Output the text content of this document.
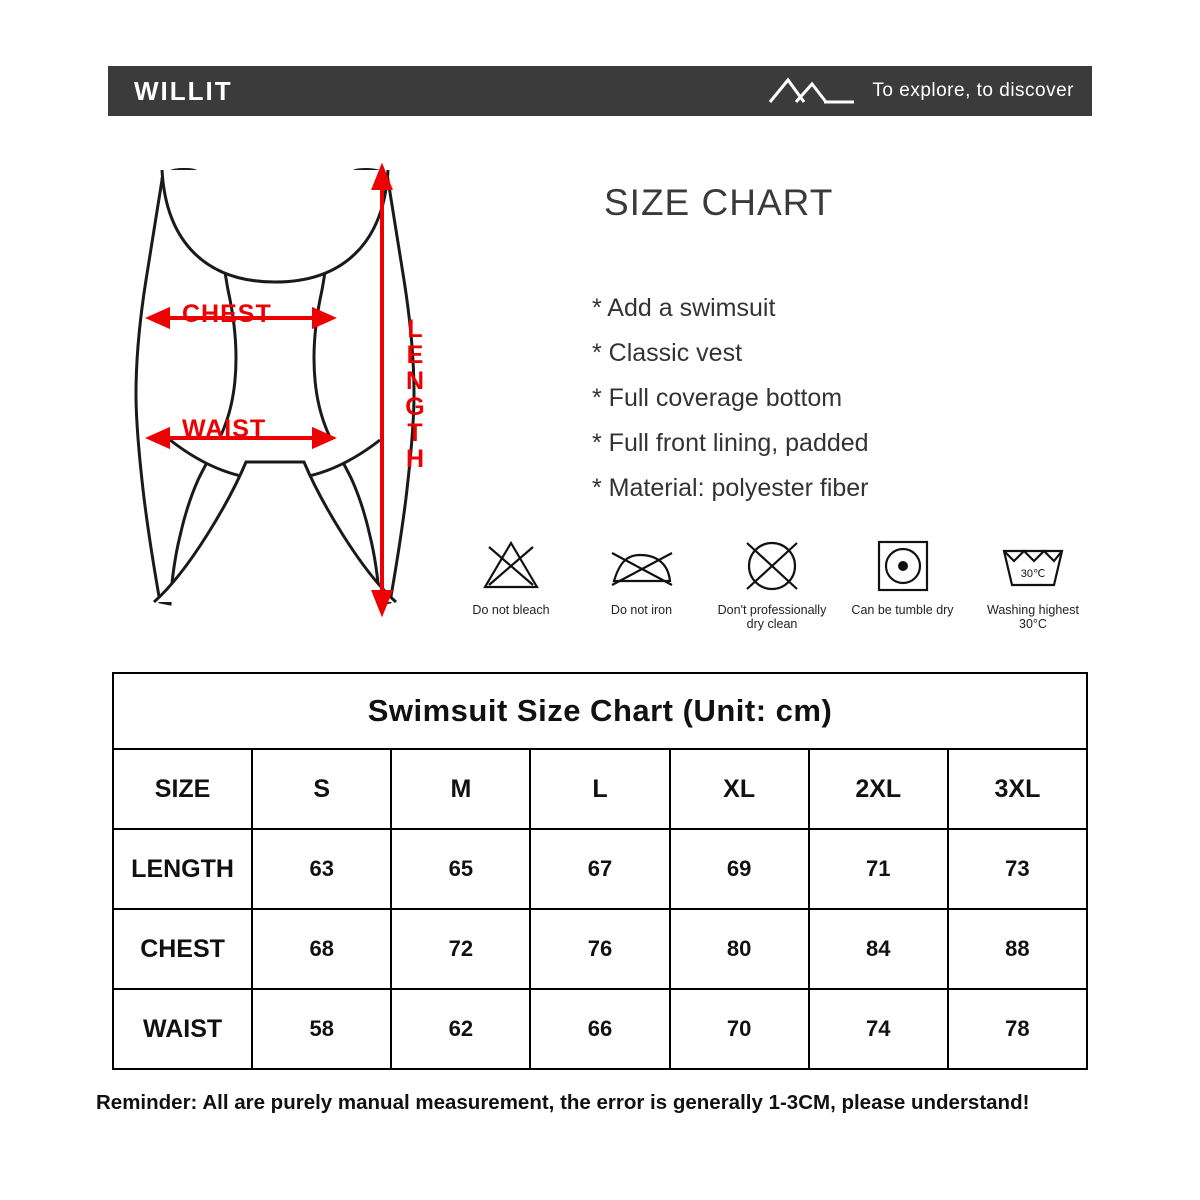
WILLIT	To explore, to discover
CHEST
WAIST	LENGTH
SIZE CHART
* Add a swimsuit
* Classic vest
* Full coverage bottom
* Full front lining, padded
* Material: polyester fiber
Do not bleach	Do not iron	Don't professionally dry clean
Can be tumble dry
30℃
Washing highest 30°C
Swimsuit Size Chart (Unit: cm)						
SIZE	S	M	L	XL	2XL	3XL
LENGTH	63	65	67	69	71	73
CHEST	68	72	76	80	84	88
WAIST	58	62	66	70	74	78
Reminder: All are purely manual measurement, the error is generally 1-3CM, please understand!
